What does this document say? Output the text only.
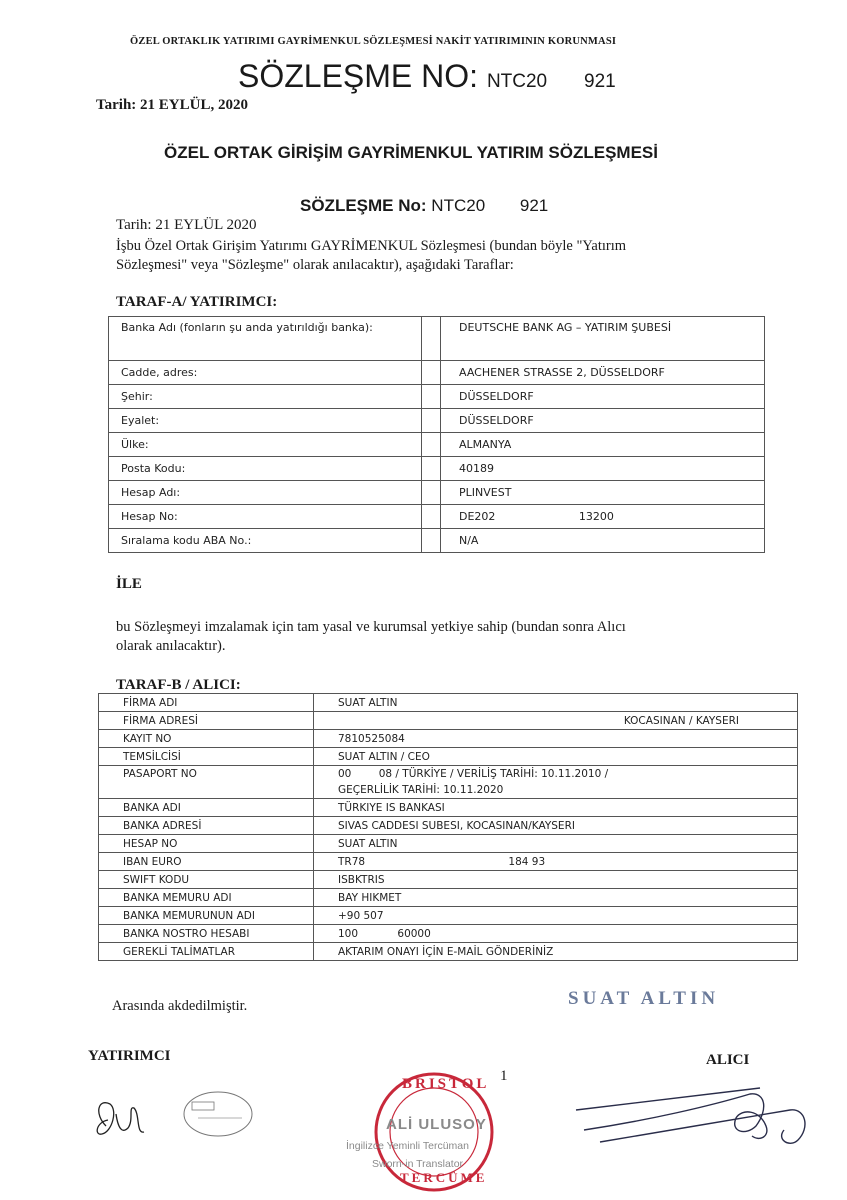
ÖZEL ORTAKLIK YATIRIMI GAYRİMENKUL SÖZLEŞMESİ NAKİT YATIRIMININ KORUNMASI
SÖZLEŞME NO: NTC20 921
Tarih: 21 EYLÜL, 2020
ÖZEL ORTAK GİRİŞİM GAYRİMENKUL YATIRIM SÖZLEŞMESİ
SÖZLEŞME No: NTC20 921
Tarih: 21 EYLÜL 2020
İşbu Özel Ortak Girişim Yatırımı GAYRİMENKUL Sözleşmesi (bundan böyle "Yatırım
Sözleşmesi" veya "Sözleşme" olarak anılacaktır), aşağıdaki Taraflar:
TARAF-A/ YATIRIMCI:
Banka Adı (fonların şu anda yatırıldığı banka):		DEUTSCHE BANK AG – YATIRIM ŞUBESİ
Cadde, adres:		AACHENER STRASSE 2, DÜSSELDORF
Şehir:		DÜSSELDORF
Eyalet:		DÜSSELDORF
Ülke:		ALMANYA
Posta Kodu:		40189
Hesap Adı:		PLINVEST
Hesap No:		DE202 13200
Sıralama kodu ABA No.:		N/A
İLE
bu Sözleşmeyi imzalamak için tam yasal ve kurumsal yetkiye sahip (bundan sonra Alıcı
olarak anılacaktır).
TARAF-B / ALICI:
FİRMA ADI	SUAT ALTIN
FİRMA ADRESİ	KOCASINAN / KAYSERI
KAYIT NO	7810525084
TEMSİLCİSİ	SUAT ALTIN / CEO
PASAPORT NO	00 08 / TÜRKİYE / VERİLİŞ TARİHİ: 10.11.2010 /
GEÇERLİLİK TARİHİ: 10.11.2020

BANKA ADI	TÜRKIYE IS BANKASI
BANKA ADRESİ	SIVAS CADDESI SUBESI, KOCASINAN/KAYSERI
HESAP NO	SUAT ALTIN
IBAN EURO	TR78 184 93
SWIFT KODU	ISBKTRIS
BANKA MEMURU ADI	BAY HIKMET
BANKA MEMURUNUN ADI	+90 507
BANKA NOSTRO HESABI	100 60000
GEREKLİ TALİMATLAR	AKTARIM ONAYI İÇİN E-MAİL GÖNDERİNİZ
Arasında akdedilmiştir.	SUAT ALTIN
YATIRIMCI	ALICI
1
BRISTOL
TERCÜME
ALİ ULUSOY
İngilizce Yeminli Tercüman
Sworn-in Translator
